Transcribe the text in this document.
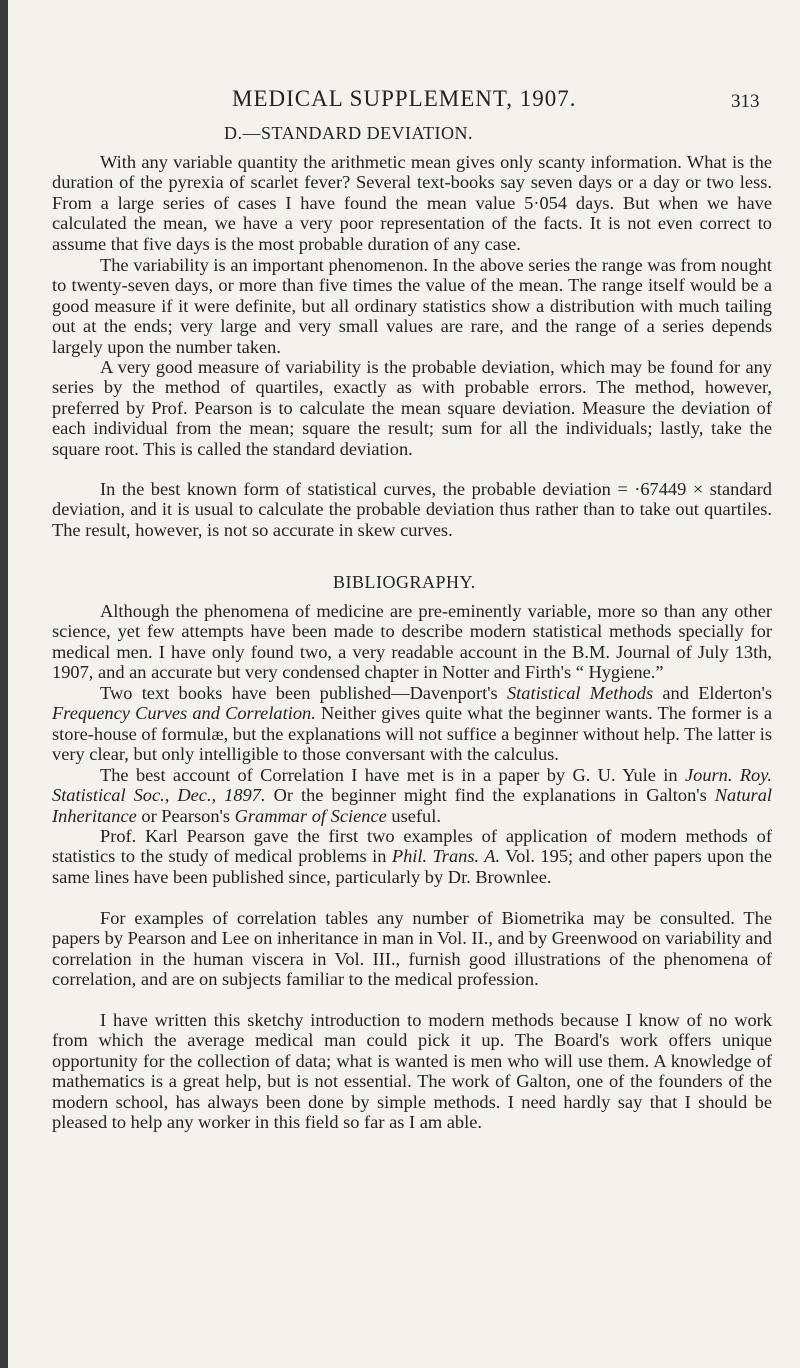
MEDICAL SUPPLEMENT, 1907.	313
D.—STANDARD DEVIATION.

With any variable quantity the arithmetic mean gives only scanty information. What is the duration of the pyrexia of scarlet fever? Several text-books say seven days or a day or two less. From a large series of cases I have found the mean value 5·054 days. But when we have calculated the mean, we have a very poor representation of the facts. It is not even correct to assume that five days is the most probable duration of any case.

The variability is an important phenomenon. In the above series the range was from nought to twenty-seven days, or more than five times the value of the mean. The range itself would be a good measure if it were definite, but all ordinary statistics show a distribution with much tailing out at the ends; very large and very small values are rare, and the range of a series depends largely upon the number taken.

A very good measure of variability is the probable deviation, which may be found for any series by the method of quartiles, exactly as with probable errors. The method, however, preferred by Prof. Pearson is to calculate the mean square deviation. Measure the deviation of each individual from the mean; square the result; sum for all the individuals; lastly, take the square root. This is called the standard deviation.

In the best known form of statistical curves, the probable deviation = ·67449 × standard deviation, and it is usual to calculate the probable deviation thus rather than to take out quartiles. The result, however, is not so accurate in skew curves.

BIBLIOGRAPHY.

Although the phenomena of medicine are pre-eminently variable, more so than any other science, yet few attempts have been made to describe modern statistical methods specially for medical men. I have only found two, a very readable account in the B.M. Journal of July 13th, 1907, and an accurate but very condensed chapter in Notter and Firth's “ Hygiene.”

Two text books have been published—Davenport's Statistical Methods and Elderton's Frequency Curves and Correlation. Neither gives quite what the beginner wants. The former is a store-house of formulæ, but the explanations will not suffice a beginner without help. The latter is very clear, but only intelligible to those conversant with the calculus.

The best account of Correlation I have met is in a paper by G. U. Yule in Journ. Roy. Statistical Soc., Dec., 1897. Or the beginner might find the explanations in Galton's Natural Inheritance or Pearson's Grammar of Science useful.

Prof. Karl Pearson gave the first two examples of application of modern methods of statistics to the study of medical problems in Phil. Trans. A. Vol. 195; and other papers upon the same lines have been published since, particularly by Dr. Brownlee.

For examples of correlation tables any number of Biometrika may be consulted. The papers by Pearson and Lee on inheritance in man in Vol. II., and by Greenwood on variability and correlation in the human viscera in Vol. III., furnish good illustrations of the phenomena of correlation, and are on subjects familiar to the medical profession.

I have written this sketchy introduction to modern methods because I know of no work from which the average medical man could pick it up. The Board's work offers unique opportunity for the collection of data; what is wanted is men who will use them. A knowledge of mathematics is a great help, but is not essential. The work of Galton, one of the founders of the modern school, has always been done by simple methods. I need hardly say that I should be pleased to help any worker in this field so far as I am able.
